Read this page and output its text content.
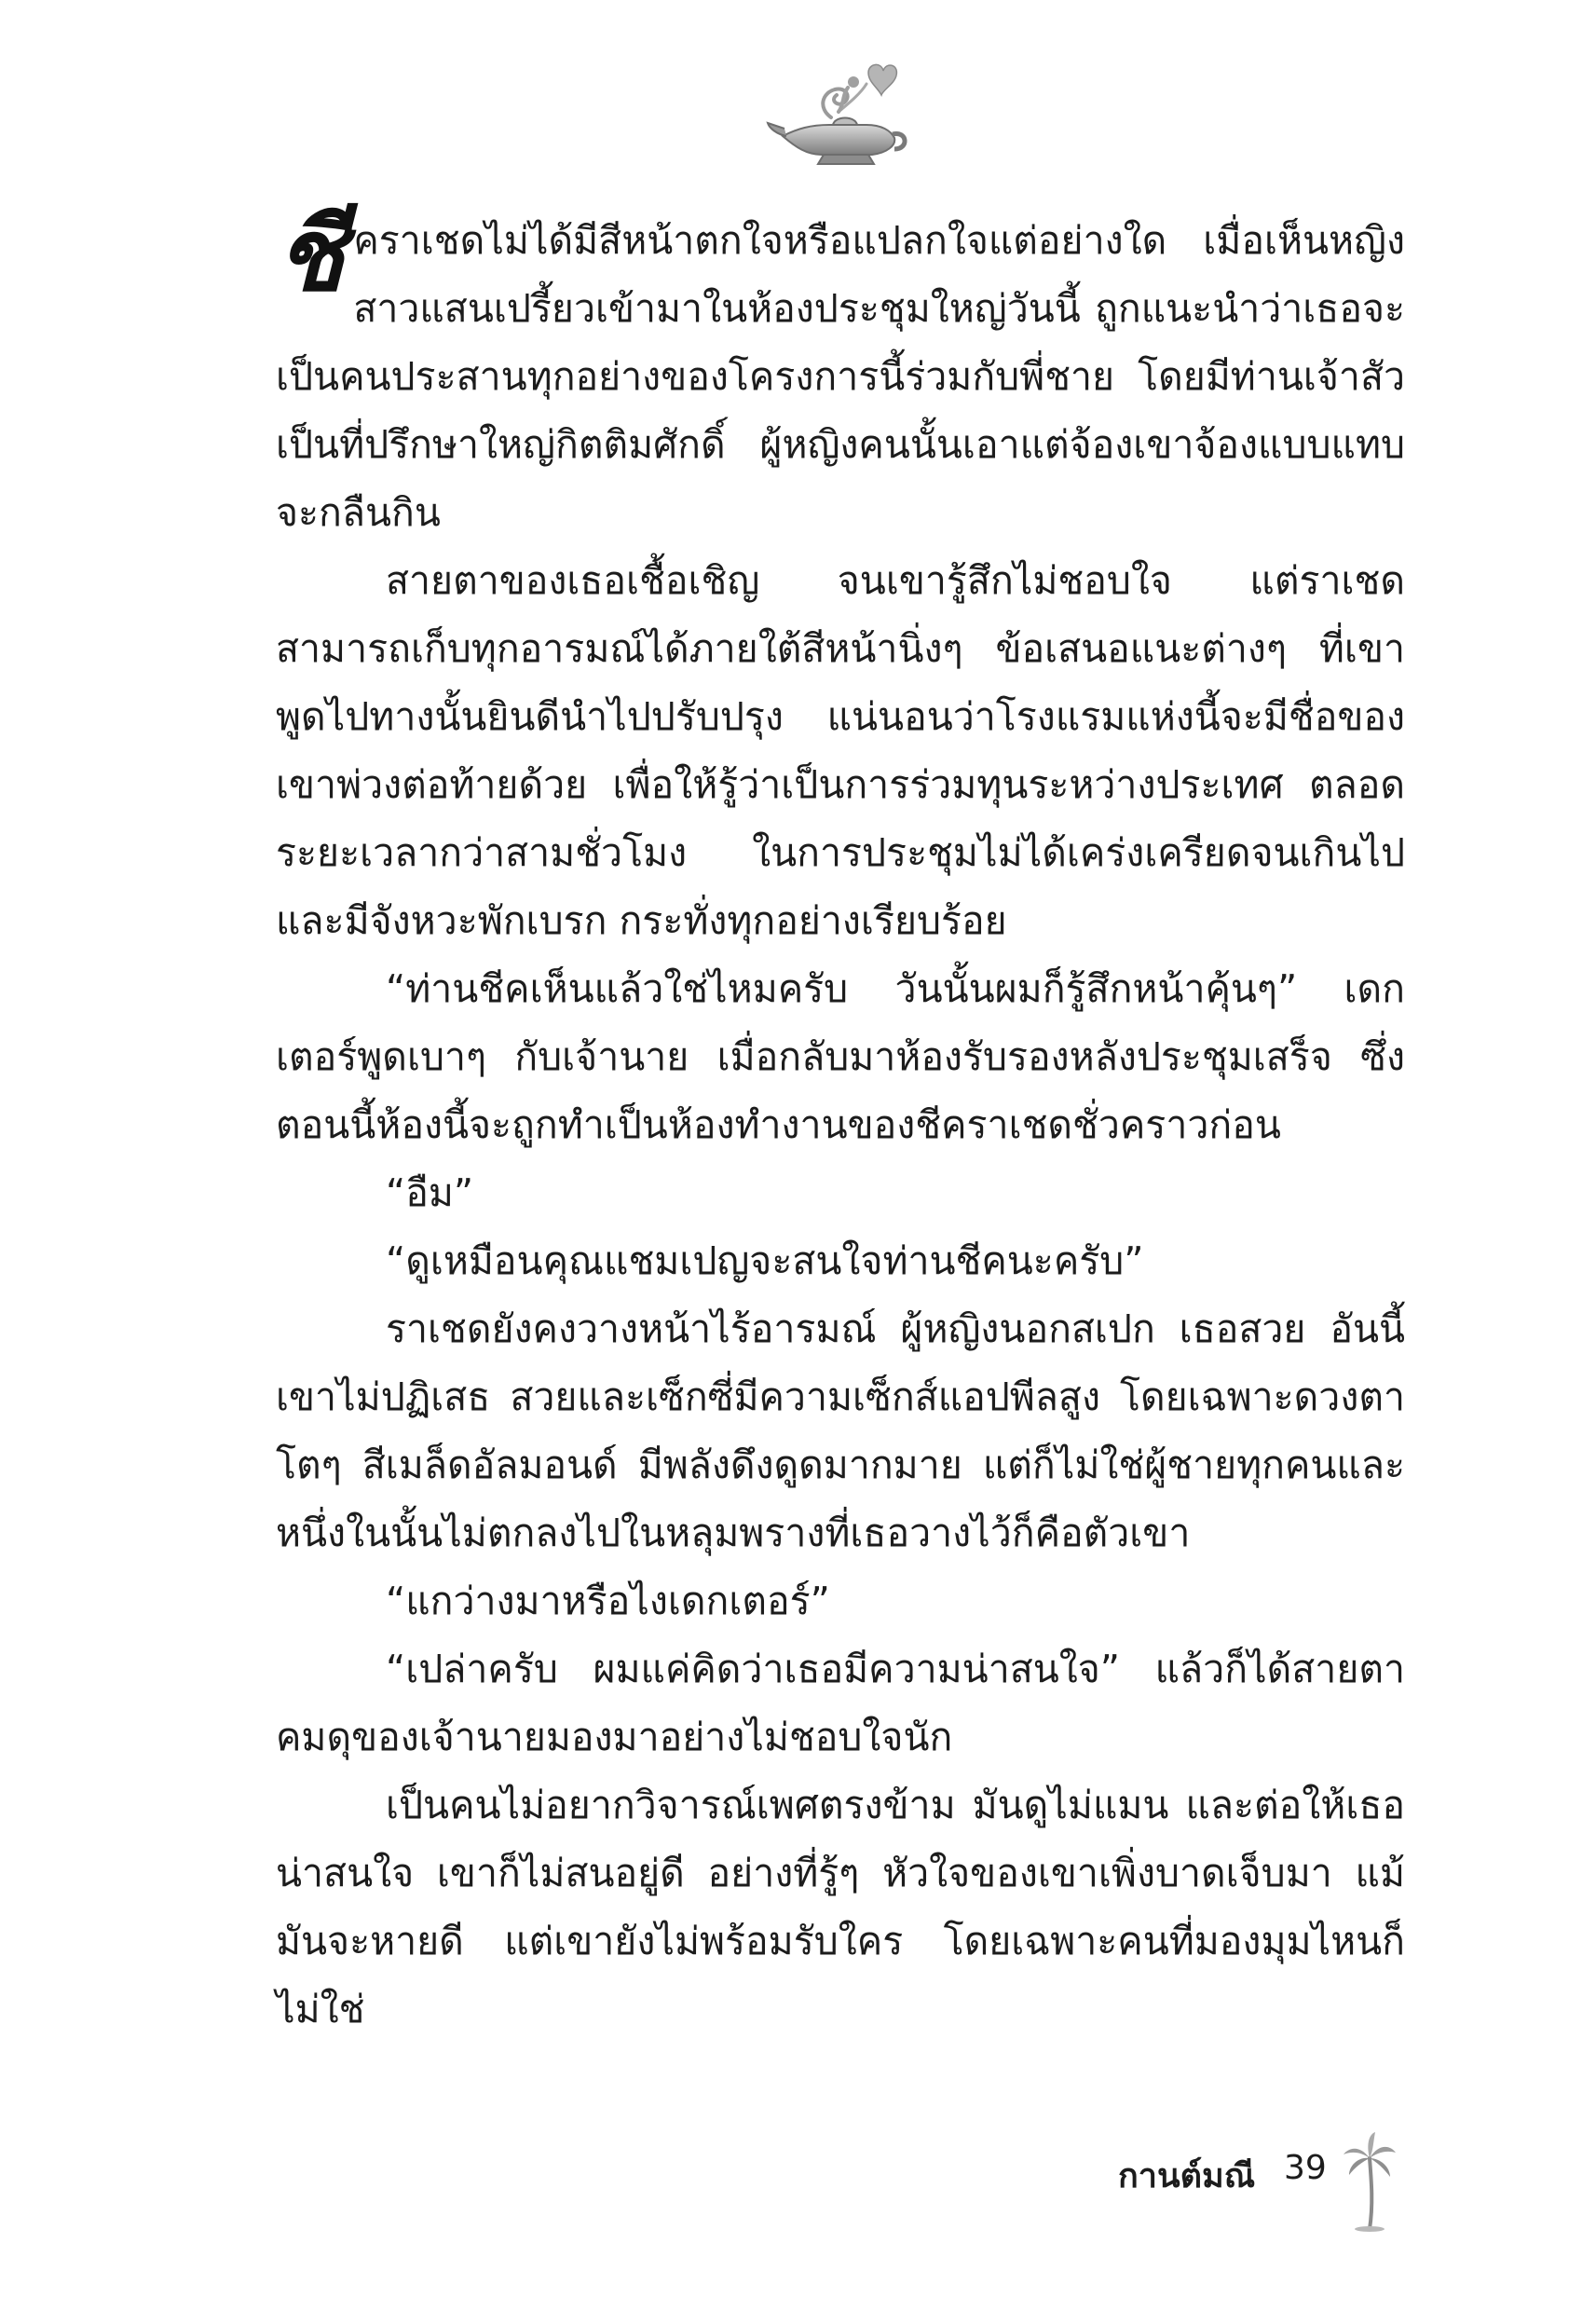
ชีคราเชดไม่ได้มีสีหน้าตกใจหรือแปลกใจแต่อย่างใด เมื่อเห็นหญิงสาวแสนเปรี้ยวเข้ามาในห้องประชุมใหญ่วันนี้ ถูกแนะนำว่าเธอจะเป็นคนประสานทุกอย่างของโครงการนี้ร่วมกับพี่ชาย โดยมีท่านเจ้าสัวเป็นที่ปรึกษาใหญ่กิตติมศักดิ์ ผู้หญิงคนนั้นเอาแต่จ้องเขาจ้องแบบแทบจะกลืนกิน

สายตาของเธอเชื้อเชิญ จนเขารู้สึกไม่ชอบใจ แต่ราเชดสามารถเก็บทุกอารมณ์ได้ภายใต้สีหน้านิ่งๆ ข้อเสนอแนะต่างๆ ที่เขาพูดไปทางนั้นยินดีนำไปปรับปรุง แน่นอนว่าโรงแรมแห่งนี้จะมีชื่อของเขาพ่วงต่อท้ายด้วย เพื่อให้รู้ว่าเป็นการร่วมทุนระหว่างประเทศ ตลอดระยะเวลากว่าสามชั่วโมง ในการประชุมไม่ได้เคร่งเครียดจนเกินไป และมีจังหวะพักเบรก กระทั่งทุกอย่างเรียบร้อย

“ท่านชีคเห็นแล้วใช่ไหมครับ วันนั้นผมก็รู้สึกหน้าคุ้นๆ” เดกเตอร์พูดเบาๆ กับเจ้านาย เมื่อกลับมาห้องรับรองหลังประชุมเสร็จ ซึ่งตอนนี้ห้องนี้จะถูกทำเป็นห้องทำงานของชีคราเชดชั่วคราวก่อน

“อืม”

“ดูเหมือนคุณแชมเปญจะสนใจท่านชีคนะครับ”

ราเชดยังคงวางหน้าไร้อารมณ์ ผู้หญิงนอกสเปก เธอสวย อันนี้เขาไม่ปฏิเสธ สวยและเซ็กซี่มีความเซ็กส์แอปพีลสูง โดยเฉพาะดวงตาโตๆ สีเมล็ดอัลมอนด์ มีพลังดึงดูดมากมาย แต่ก็ไม่ใช่ผู้ชายทุกคนและหนึ่งในนั้นไม่ตกลงไปในหลุมพรางที่เธอวางไว้ก็คือตัวเขา

“แกว่างมาหรือไงเดกเตอร์”

“เปล่าครับ ผมแค่คิดว่าเธอมีความน่าสนใจ” แล้วก็ได้สายตาคมดุของเจ้านายมองมาอย่างไม่ชอบใจนัก

เป็นคนไม่อยากวิจารณ์เพศตรงข้าม มันดูไม่แมน และต่อให้เธอน่าสนใจ เขาก็ไม่สนอยู่ดี อย่างที่รู้ๆ หัวใจของเขาเพิ่งบาดเจ็บมา แม้มันจะหายดี แต่เขายังไม่พร้อมรับใคร โดยเฉพาะคนที่มองมุมไหนก็ไม่ใช่

กานต์มณี 39
